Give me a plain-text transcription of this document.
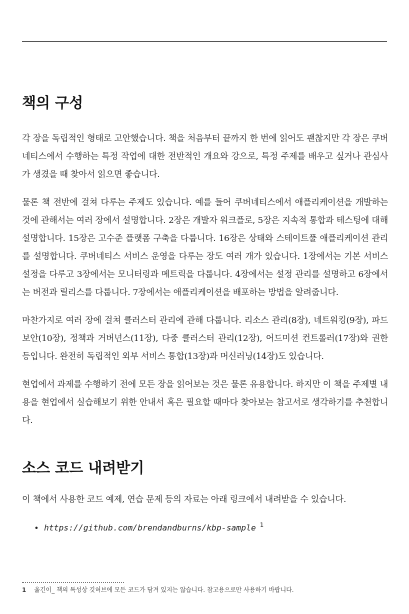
책의 구성

각 장을 독립적인 형태로 고안했습니다. 책을 처음부터 끝까지 한 번에 읽어도 괜찮지만 각 장은 쿠버네티스에서 수행하는 특정 작업에 대한 전반적인 개요와 강으로, 특정 주제를 배우고 싶거나 관심사가 생겼을 때 찾아서 읽으면 좋습니다.

물론 책 전반에 걸쳐 다루는 주제도 있습니다. 예를 들어 쿠버네티스에서 애플리케이션을 개발하는 것에 관해서는 여러 장에서 설명합니다. 2장은 개발자 워크플로, 5장은 지속적 통합과 테스팅에 대해 설명합니다. 15장은 고수준 플랫폼 구축을 다룹니다. 16장은 상태와 스테이트풀 애플리케이션 관리를 설명합니다. 쿠버네티스 서비스 운영을 다루는 장도 여러 개가 있습니다. 1장에서는 기본 서비스 설정을 다루고 3장에서는 모니터링과 메트릭을 다룹니다. 4장에서는 설정 관리를 설명하고 6장에서는 버전과 릴리스를 다룹니다. 7장에서는 애플리케이션을 배포하는 방법을 알려줍니다.

마찬가지로 여러 장에 걸쳐 클러스터 관리에 관해 다룹니다. 리소스 관리(8장), 네트워킹(9장), 파드 보안(10장), 정책과 거버넌스(11장), 다중 클러스터 관리(12장), 어드미션 컨트롤러(17장)와 권한 등입니다. 완전히 독립적인 외부 서비스 통합(13장)과 머신러닝(14장)도 있습니다.

현업에서 과제를 수행하기 전에 모든 장을 읽어보는 것은 물론 유용합니다. 하지만 이 책을 주제별 내용을 현업에서 실습해보기 위한 안내서 혹은 필요할 때마다 찾아보는 참고서로 생각하기를 추천합니다.

소스 코드 내려받기

이 책에서 사용한 코드 예제, 연습 문제 등의 자료는 아래 링크에서 내려받을 수 있습니다.

• https://github.com/brendandburns/kbp-sample $^1$
1 옮긴이_ 책의 특성상 깃허브에 모든 코드가 담겨 있지는 않습니다. 참고용으로만 사용하기 바랍니다.
